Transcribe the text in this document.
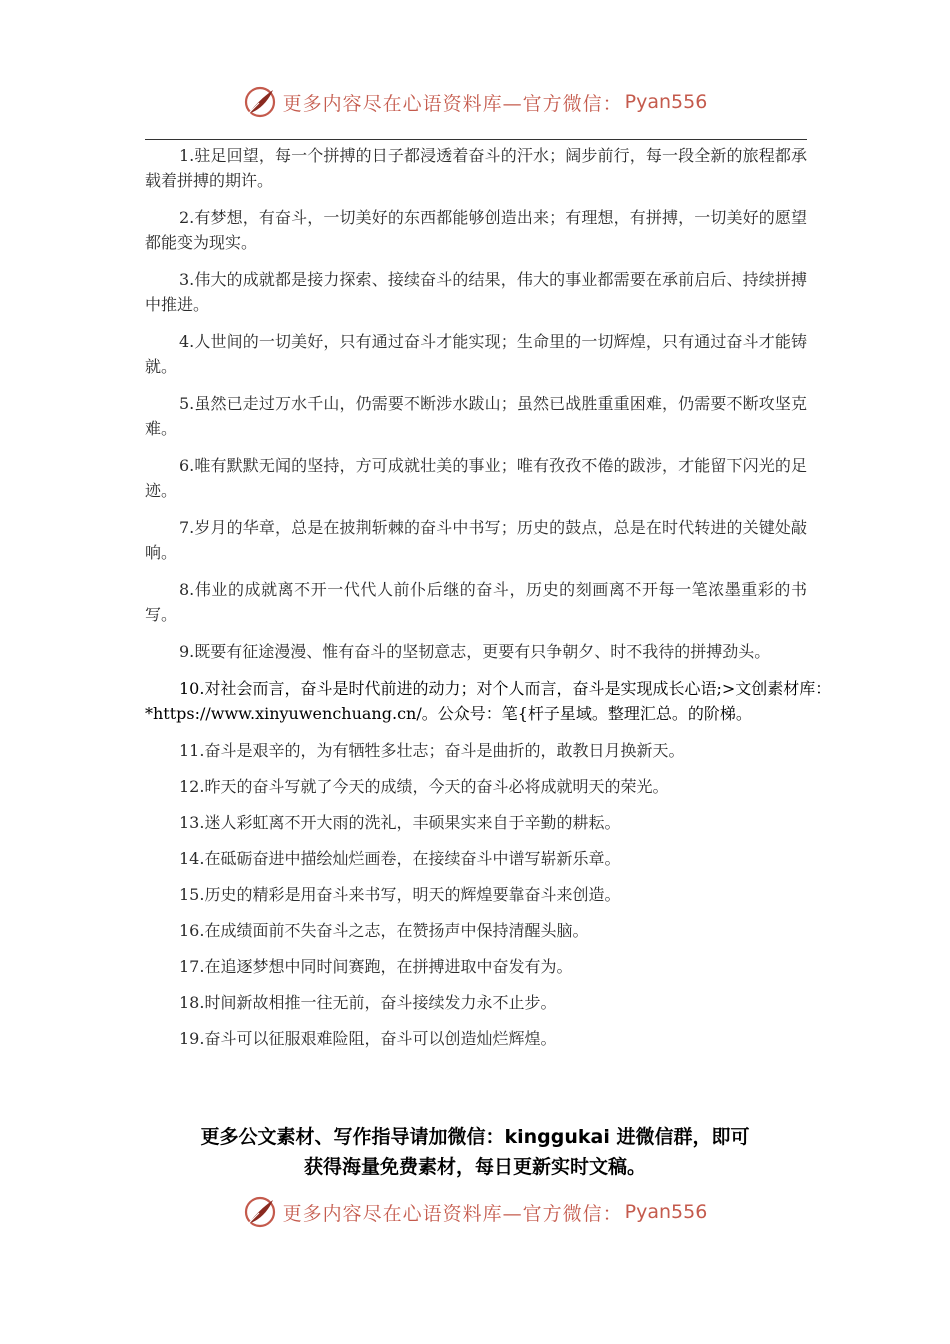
更多内容尽在心语资料库—官方微信： Pyan556

1.驻足回望，每一个拼搏的日子都浸透着奋斗的汗水；阔步前行，每一段全新的旅程都承载着拼搏的期许。

2.有梦想，有奋斗，一切美好的东西都能够创造出来；有理想，有拼搏，一切美好的愿望都能变为现实。

3.伟大的成就都是接力探索、接续奋斗的结果，伟大的事业都需要在承前启后、持续拼搏中推进。

4.人世间的一切美好，只有通过奋斗才能实现；生命里的一切辉煌，只有通过奋斗才能铸就。

5.虽然已走过万水千山，仍需要不断涉水跋山；虽然已战胜重重困难，仍需要不断攻坚克难。

6.唯有默默无闻的坚持，方可成就壮美的事业；唯有孜孜不倦的跋涉，才能留下闪光的足迹。

7.岁月的华章，总是在披荆斩棘的奋斗中书写；历史的鼓点，总是在时代转进的关键处敲响。

8.伟业的成就离不开一代代人前仆后继的奋斗，历史的刻画离不开每一笔浓墨重彩的书写。

9.既要有征途漫漫、惟有奋斗的坚韧意志，更要有只争朝夕、时不我待的拼搏劲头。

10.对社会而言，奋斗是时代前进的动力；对个人而言，奋斗是实现成长心语;>文创素材库：*https://www.xinyuwenchuang.cn/。公众号：笔{杆子星域。整理汇总。的阶梯。

11.奋斗是艰辛的，为有牺牲多壮志；奋斗是曲折的，敢教日月换新天。

12.昨天的奋斗写就了今天的成绩，今天的奋斗必将成就明天的荣光。

13.迷人彩虹离不开大雨的洗礼，丰硕果实来自于辛勤的耕耘。

14.在砥砺奋进中描绘灿烂画卷，在接续奋斗中谱写崭新乐章。

15.历史的精彩是用奋斗来书写，明天的辉煌要靠奋斗来创造。

16.在成绩面前不失奋斗之志，在赞扬声中保持清醒头脑。

17.在追逐梦想中同时间赛跑，在拼搏进取中奋发有为。

18.时间新故相推一往无前，奋斗接续发力永不止步。

19.奋斗可以征服艰难险阻，奋斗可以创造灿烂辉煌。

更多公文素材、写作指导请加微信：kinggukai 进微信群，即可
获得海量免费素材，每日更新实时文稿。
更多内容尽在心语资料库—官方微信： Pyan556
